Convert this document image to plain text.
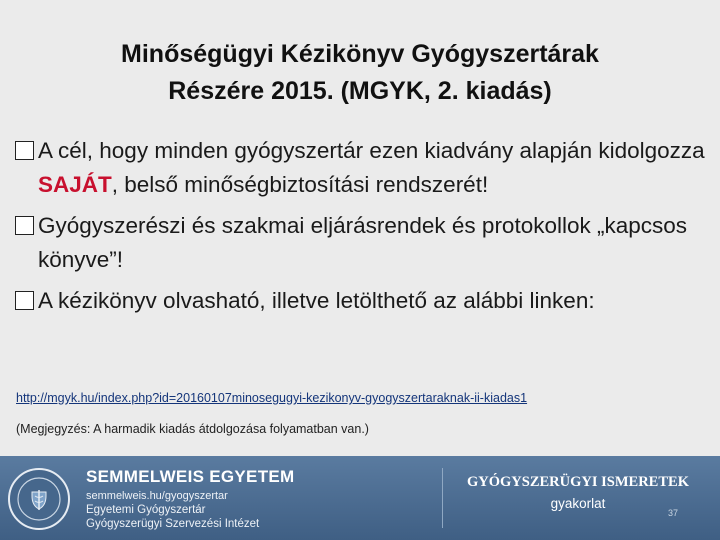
Minőségügyi Kézikönyv Gyógyszertárak
Részére 2015. (MGYK, 2. kiadás)
A cél, hogy minden gyógyszertár ezen kiadvány alapján kidolgozza SAJÁT, belső minőségbiztosítási rendszerét!
Gyógyszerészi és szakmai eljárásrendek és protokollok „kapcsos könyve”!
A kézikönyv olvasható, illetve letölthető az alábbi linken:
http://mgyk.hu/index.php?id=20160107minosegugyi-kezikonyv-gyogyszertaraknak-ii-kiadas1
(Megjegyzés: A harmadik kiadás átdolgozása folyamatban van.)
SEMMELWEIS EGYETEM
semmelweis.hu/gyogyszertar
Egyetemi Gyógyszertár
Gyógyszerügyi Szervezési Intézet
GYÓGYSZERÜGYI ISMERETEK
gyakorlat
37
